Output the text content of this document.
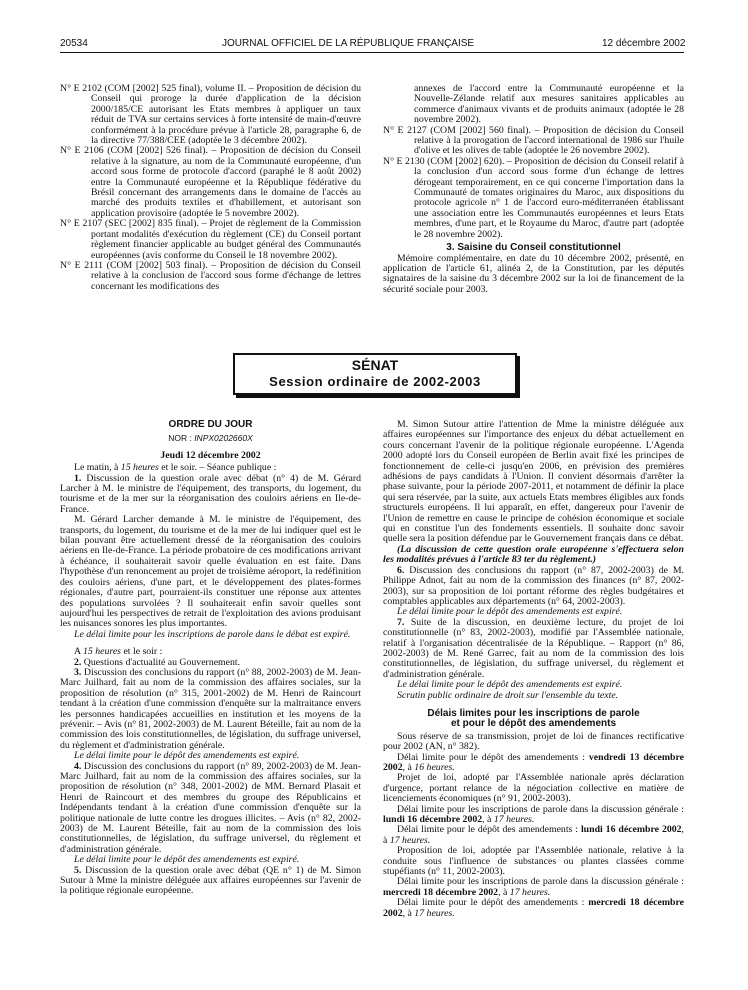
20534	JOURNAL OFFICIEL DE LA RÉPUBLIQUE FRANÇAISE	12 décembre 2002

N° E 2102 (COM [2002] 525 final), volume II. – Proposition de décision du Conseil qui proroge la durée d'application de la décision 2000/185/CE autorisant les Etats membres à appliquer un taux réduit de TVA sur certains services à forte intensité de main-d'œuvre conformément à la procédure prévue à l'article 28, paragraphe 6, de la directive 77/388/CEE (adoptée le 3 décembre 2002).

N° E 2106 (COM [2002] 526 final). – Proposition de décision du Conseil relative à la signature, au nom de la Communauté européenne, d'un accord sous forme de protocole d'accord (paraphé le 8 août 2002) entre la Communauté européenne et la République fédérative du Brésil concernant des arrangements dans le domaine de l'accès au marché des produits textiles et d'habillement, et autorisant son application provisoire (adoptée le 5 novembre 2002).

N° E 2107 (SEC [2002] 835 final). – Projet de règlement de la Commission portant modalités d'exécution du règlement (CE) du Conseil portant règlement financier applicable au budget général des Communautés européennes (avis conforme du Conseil le 18 novembre 2002).

N° E 2111 (COM [2002] 503 final). – Proposition de décision du Conseil relative à la conclusion de l'accord sous forme d'échange de lettres concernant les modifications des

annexes de l'accord entre la Communauté européenne et la Nouvelle-Zélande relatif aux mesures sanitaires applicables au commerce d'animaux vivants et de produits animaux (adoptée le 28 novembre 2002).

N° E 2127 (COM [2002] 560 final). – Proposition de décision du Conseil relative à la prorogation de l'accord international de 1986 sur l'huile d'olive et les olives de table (adoptée le 26 novembre 2002).

N° E 2130 (COM [2002] 620). – Proposition de décision du Conseil relatif à la conclusion d'un accord sous forme d'un échange de lettres dérogeant temporairement, en ce qui concerne l'importation dans la Communauté de tomates originaires du Maroc, aux dispositions du protocole agricole n° 1 de l'accord euro-méditerranéen établissant une association entre les Communautés européennes et leurs Etats membres, d'une part, et le Royaume du Maroc, d'autre part (adoptée le 28 novembre 2002).

3. Saisine du Conseil constitutionnel

Mémoire complémentaire, en date du 10 décembre 2002, présenté, en application de l'article 61, alinéa 2, de la Constitution, par les députés signataires de la saisine du 3 décembre 2002 sur la loi de financement de la sécurité sociale pour 2003.

SÉNAT
Session ordinaire de 2002-2003

ORDRE DU JOUR

NOR : INPX0202660X

Jeudi 12 décembre 2002

Le matin, à 15 heures et le soir. – Séance publique :

1. Discussion de la question orale avec débat (n° 4) de M. Gérard Larcher à M. le ministre de l'équipement, des transports, du logement, du tourisme et de la mer sur la réorganisation des couloirs aériens en Ile-de-France.

M. Gérard Larcher demande à M. le ministre de l'équipement, des transports, du logement, du tourisme et de la mer de lui indiquer quel est le bilan pouvant être actuellement dressé de la réorganisation des couloirs aériens en Ile-de-France. La période probatoire de ces modifications arrivant à échéance, il souhaiterait savoir quelle évaluation en est faite. Dans l'hypothèse d'un renoncement au projet de troisième aéroport, la redéfinition des couloirs aériens, d'une part, et le développement des plates-formes régionales, d'autre part, pourraient-ils constituer une réponse aux attentes des populations survolées ? Il souhaiterait enfin savoir quelles sont aujourd'hui les perspectives de retrait de l'exploitation des avions produisant les nuisances sonores les plus importantes.

Le délai limite pour les inscriptions de parole dans le débat est expiré.

A 15 heures et le soir :

2. Questions d'actualité au Gouvernement.

3. Discussion des conclusions du rapport (n° 88, 2002-2003) de M. Jean-Marc Juilhard, fait au nom de la commission des affaires sociales, sur la proposition de résolution (n° 315, 2001-2002) de M. Henri de Raincourt tendant à la création d'une commission d'enquête sur la maltraitance envers les personnes handicapées accueillies en institution et les moyens de la prévenir. – Avis (n° 81, 2002-2003) de M. Laurent Béteille, fait au nom de la commission des lois constitutionnelles, de législation, du suffrage universel, du règlement et d'administration générale.

Le délai limite pour le dépôt des amendements est expiré.

4. Discussion des conclusions du rapport (n° 89, 2002-2003) de M. Jean-Marc Juilhard, fait au nom de la commission des affaires sociales, sur la proposition de résolution (n° 348, 2001-2002) de MM. Bernard Plasait et Henri de Raincourt et des membres du groupe des Républicains et Indépendants tendant à la création d'une commission d'enquête sur la politique nationale de lutte contre les drogues illicites. – Avis (n° 82, 2002-2003) de M. Laurent Béteille, fait au nom de la commission des lois constitutionnelles, de législation, du suffrage universel, du règlement et d'administration générale.

Le délai limite pour le dépôt des amendements est expiré.

5. Discussion de la question orale avec débat (QE n° 1) de M. Simon Sutour à Mme la ministre déléguée aux affaires européennes sur l'avenir de la politique régionale européenne.

M. Simon Sutour attire l'attention de Mme la ministre déléguée aux affaires européennes sur l'importance des enjeux du débat actuellement en cours concernant l'avenir de la politique régionale européenne. L'Agenda 2000 adopté lors du Conseil européen de Berlin avait fixé les principes de fonctionnement de celle-ci jusqu'en 2006, en prévision des premières adhésions de pays candidats à l'Union. Il convient désormais d'arrêter la phase suivante, pour la période 2007-2011, et notamment de définir la place qui sera réservée, par la suite, aux actuels Etats membres éligibles aux fonds structurels européens. Il lui apparaît, en effet, dangereux pour l'avenir de l'Union de remettre en cause le principe de cohésion économique et sociale qui en constitue l'un des fondements essentiels. Il souhaite donc savoir quelle sera la position défendue par le Gouvernement français dans ce débat.

(La discussion de cette question orale européenne s'effectuera selon les modalités prévues à l'article 83 ter du règlement.)

6. Discussion des conclusions du rapport (n° 87, 2002-2003) de M. Philippe Adnot, fait au nom de la commission des finances (n° 87, 2002-2003), sur sa proposition de loi portant réforme des règles budgétaires et comptables applicables aux départements (n° 64, 2002-2003).

Le délai limite pour le dépôt des amendements est expiré.

7. Suite de la discussion, en deuxième lecture, du projet de loi constitutionnelle (n° 83, 2002-2003), modifié par l'Assemblée nationale, relatif à l'organisation décentralisée de la République. – Rapport (n° 86, 2002-2003) de M. René Garrec, fait au nom de la commission des lois constitutionnelles, de législation, du suffrage universel, du règlement et d'administration générale.

Le délai limite pour le dépôt des amendements est expiré.

Scrutin public ordinaire de droit sur l'ensemble du texte.

Délais limites pour les inscriptions de parole

et pour le dépôt des amendements

Sous réserve de sa transmission, projet de loi de finances rectificative pour 2002 (AN, n° 382).

Délai limite pour le dépôt des amendements : vendredi 13 décembre 2002, à 16 heures.

Projet de loi, adopté par l'Assemblée nationale après déclaration d'urgence, portant relance de la négociation collective en matière de licenciements économiques (n° 91, 2002-2003).

Délai limite pour les inscriptions de parole dans la discussion générale : lundi 16 décembre 2002, à 17 heures.

Délai limite pour le dépôt des amendements : lundi 16 décembre 2002, à 17 heures.

Proposition de loi, adoptée par l'Assemblée nationale, relative à la conduite sous l'influence de substances ou plantes classées comme stupéfiants (n° 11, 2002-2003).

Délai limite pour les inscriptions de parole dans la discussion générale : mercredi 18 décembre 2002, à 17 heures.

Délai limite pour le dépôt des amendements : mercredi 18 décembre 2002, à 17 heures.
